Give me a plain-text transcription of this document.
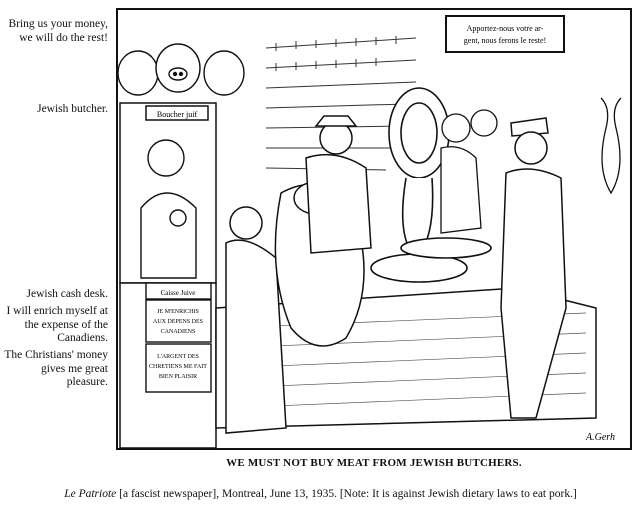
Bring us your money, we will do the rest!
Jewish butcher.
Jewish cash desk.
I will enrich myself at the expense of the Canadiens.
The Christians' money gives me great pleasure.
Apportez-nous votre ar-
gent, nous ferons le reste!
Boucher juif
Caisse Juive
JE M'ENRICHIS
AUX DEPENS DES
CANADIENS
L'ARGENT DES
CHRETIENS ME FAIT
BIEN PLAISIR
A.Gerh
WE MUST NOT BUY MEAT FROM JEWISH BUTCHERS.
Le Patriote [a fascist newspaper], Montreal, June 13, 1935. [Note: It is against Jewish dietary laws to eat pork.]
